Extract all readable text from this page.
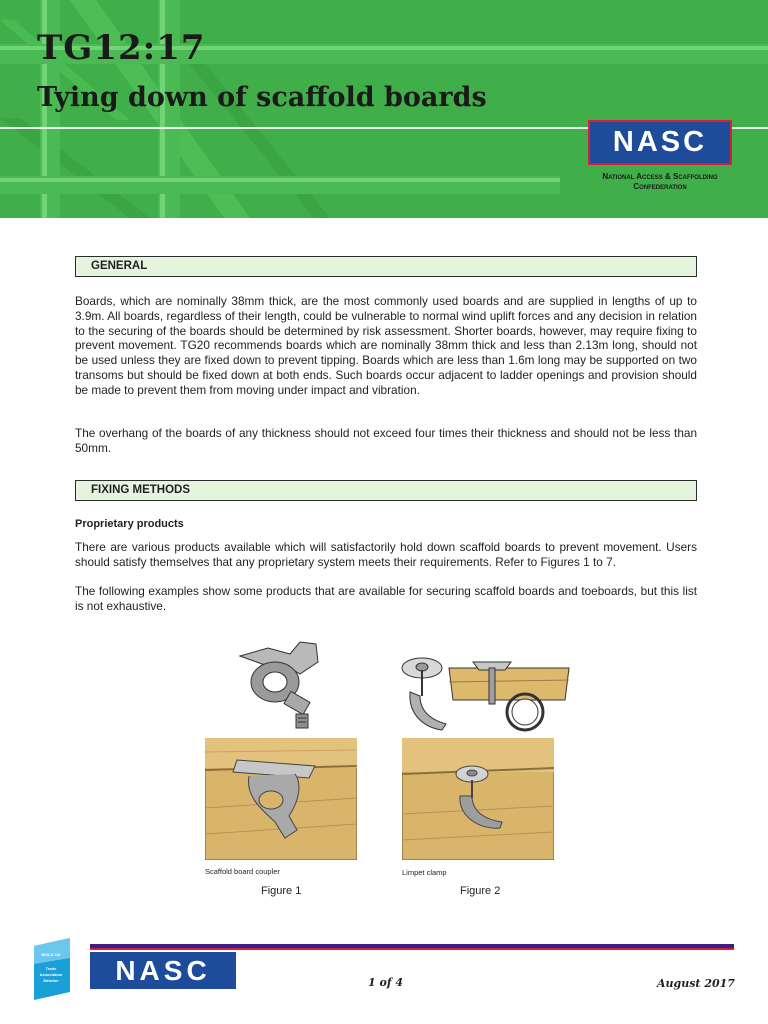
TG12:17
Tying down of scaffold boards
NASC
National Access & Scaffolding Confederation
GENERAL

Boards, which are nominally 38mm thick, are the most commonly used boards and are supplied in lengths of up to 3.9m. All boards, regardless of their length, could be vulnerable to normal wind uplift forces and any decision in relation to the securing of the boards should be determined by risk assessment. Shorter boards, however, may require fixing to prevent movement. TG20 recommends boards which are nominally 38mm thick and less than 2.13m long, should not be used unless they are fixed down to prevent tipping. Boards which are less than 1.6m long may be supported on two transoms but should be fixed down at both ends. Such boards occur adjacent to ladder openings and provision should be made to prevent them from moving under impact and vibration.

The overhang of the boards of any thickness should not exceed four times their thickness and should not be less than 50mm.

FIXING METHODS

Proprietary products

There are various products available which will satisfactorily hold down scaffold boards to prevent movement. Users should satisfy themselves that any proprietary system meets their requirements. Refer to Figures 1 to 7.

The following examples show some products that are available for securing scaffold boards and toeboards, but this list is not exhaustive.

Scaffold board coupler
Figure 1
Limpet clamp
Figure 2
BUILD UK
Trade
Association
Member NASC	1 of 4	August 2017
